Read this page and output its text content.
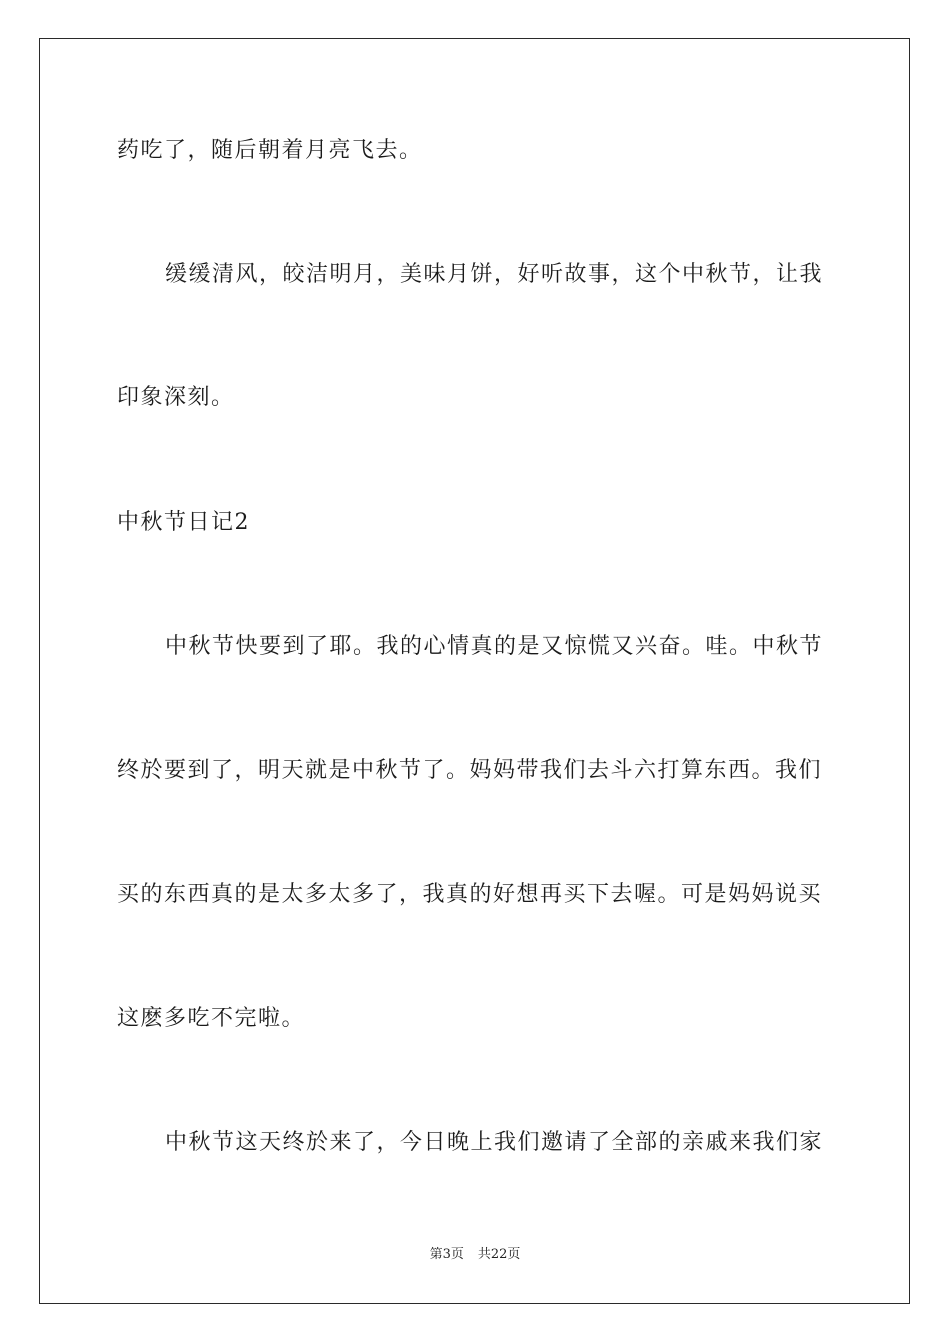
药吃了，随后朝着月亮飞去。
缓缓清风，皎洁明月，美味月饼，好听故事，这个中秋节，让我
印象深刻。
中秋节日记2
中秋节快要到了耶。我的心情真的是又惊慌又兴奋。哇。中秋节
终於要到了，明天就是中秋节了。妈妈带我们去斗六打算东西。我们
买的东西真的是太多太多了，我真的好想再买下去喔。可是妈妈说买
这麽多吃不完啦。
中秋节这天终於来了，今日晚上我们邀请了全部的亲戚来我们家
第3页 共22页
